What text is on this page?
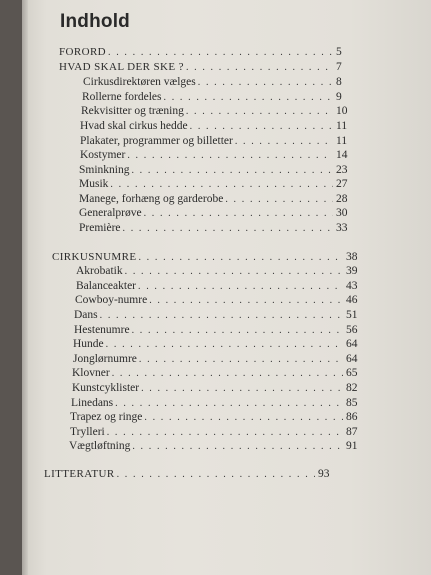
Indhold
FORORD . . .	5
HVAD SKAL DER SKE ? . . .	7
Cirkusdirektøren vælges . . .	8
Rollerne fordeles . . .	9
Rekvisitter og træning . . .	10
Hvad skal cirkus hedde . . .	11
Plakater, programmer og billetter . . .	11
Kostymer . . .	14
Sminkning . . .	23
Musik . . .	27
Manege, forhæng og garderobe . . .	28
Generalprøve . . .	30
Première . . .	33
CIRKUSNUMRE . . .	38
Akrobatik . . .	39
Balanceakter . . .	43
Cowboy-numre . . .	46
Dans . . .	51
Hestenumre . . .	56
Hunde . . .	64
Jonglørnumre . . .	64
Klovner . . .	65
Kunstcyklister . . .	82
Linedans . . .	85
Trapez og ringe . . .	86
Trylleri . . .	87
Vægtløftning . . .	91
LITTERATUR . . .	93
